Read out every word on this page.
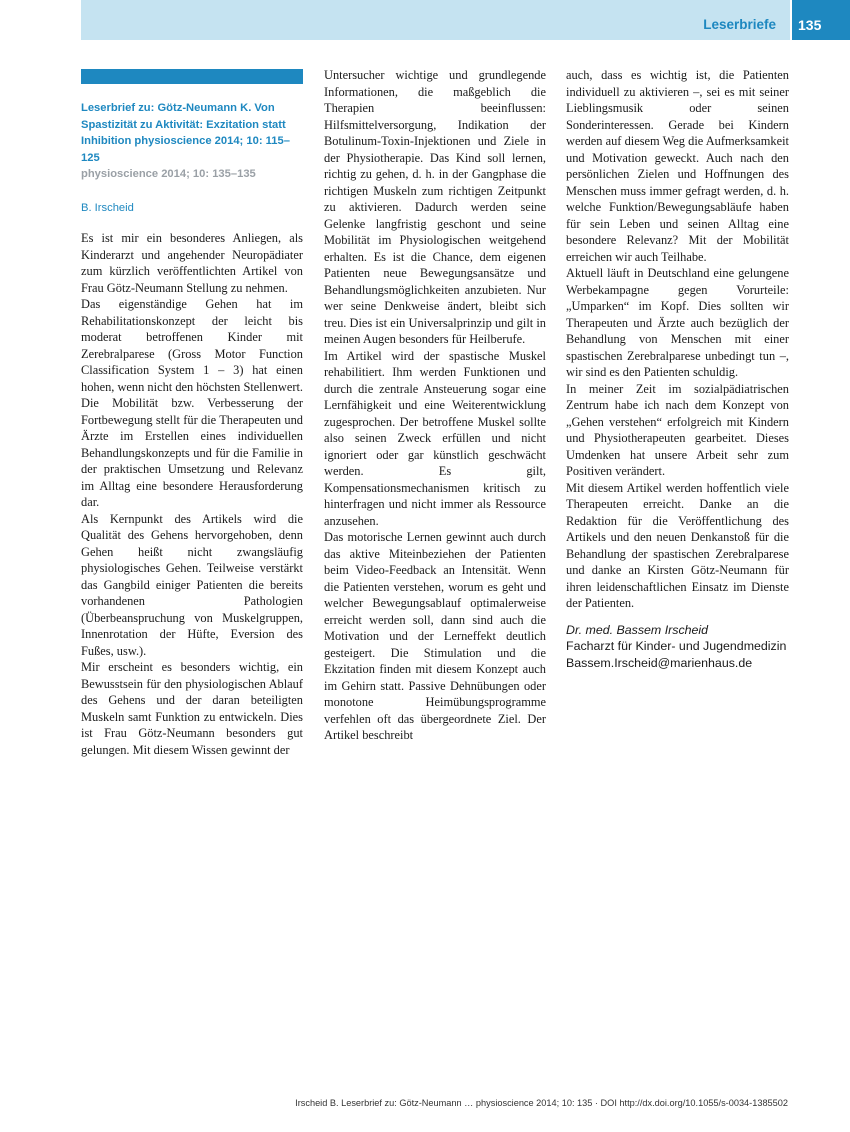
Leserbriefe	135
Leserbrief zu: Götz-Neumann K. Von Spastizität zu Aktivität: Exzitation statt Inhibition physioscience 2014; 10: 115–125
physioscience 2014; 10: 135–135
B. Irscheid

Es ist mir ein besonderes Anliegen, als Kinderarzt und angehender Neuropädiater zum kürzlich veröffentlichten Artikel von Frau Götz-Neumann Stellung zu nehmen.

Das eigenständige Gehen hat im Rehabilitationskonzept der leicht bis moderat betroffenen Kinder mit Zerebralparese (Gross Motor Function Classification System 1 – 3) hat einen hohen, wenn nicht den höchsten Stellenwert. Die Mobilität bzw. Verbesserung der Fortbewegung stellt für die Therapeuten und Ärzte im Erstellen eines individuellen Behandlungskonzepts und für die Familie in der praktischen Umsetzung und Relevanz im Alltag eine besondere Herausforderung dar.

Als Kernpunkt des Artikels wird die Qualität des Gehens hervorgehoben, denn Gehen heißt nicht zwangsläufig physiologisches Gehen. Teilweise verstärkt das Gangbild einiger Patienten die bereits vorhandenen Pathologien (Überbeanspruchung von Muskelgruppen, Innenrotation der Hüfte, Eversion des Fußes, usw.).

Mir erscheint es besonders wichtig, ein Bewusstsein für den physiologischen Ablauf des Gehens und der daran beteiligten Muskeln samt Funktion zu entwickeln. Dies ist Frau Götz-Neumann besonders gut gelungen. Mit diesem Wissen gewinnt der

Untersucher wichtige und grundlegende Informationen, die maßgeblich die Therapien beeinflussen: Hilfsmittelversorgung, Indikation der Botulinum-Toxin-Injektionen und Ziele in der Physiotherapie. Das Kind soll lernen, richtig zu gehen, d. h. in der Gangphase die richtigen Muskeln zum richtigen Zeitpunkt zu aktivieren. Dadurch werden seine Gelenke langfristig geschont und seine Mobilität im Physiologischen weitgehend erhalten. Es ist die Chance, dem eigenen Patienten neue Bewegungsansätze und Behandlungsmöglichkeiten anzubieten. Nur wer seine Denkweise ändert, bleibt sich treu. Dies ist ein Universalprinzip und gilt in meinen Augen besonders für Heilberufe.

Im Artikel wird der spastische Muskel rehabilitiert. Ihm werden Funktionen und durch die zentrale Ansteuerung sogar eine Lernfähigkeit und eine Weiterentwicklung zugesprochen. Der betroffene Muskel sollte also seinen Zweck erfüllen und nicht ignoriert oder gar künstlich geschwächt werden. Es gilt, Kompensationsmechanismen kritisch zu hinterfragen und nicht immer als Ressource anzusehen.

Das motorische Lernen gewinnt auch durch das aktive Miteinbeziehen der Patienten beim Video-Feedback an Intensität. Wenn die Patienten verstehen, worum es geht und welcher Bewegungsablauf optimalerweise erreicht werden soll, dann sind auch die Motivation und der Lerneffekt deutlich gesteigert. Die Stimulation und die Ekzitation finden mit diesem Konzept auch im Gehirn statt. Passive Dehnübungen oder monotone Heimübungsprogramme verfehlen oft das übergeordnete Ziel. Der Artikel beschreibt

auch, dass es wichtig ist, die Patienten individuell zu aktivieren –, sei es mit seiner Lieblingsmusik oder seinen Sonderinteressen. Gerade bei Kindern werden auf diesem Weg die Aufmerksamkeit und Motivation geweckt. Auch nach den persönlichen Zielen und Hoffnungen des Menschen muss immer gefragt werden, d. h. welche Funktion/Bewegungsabläufe haben für sein Leben und seinen Alltag eine besondere Relevanz? Mit der Mobilität erreichen wir auch Teilhabe.

Aktuell läuft in Deutschland eine gelungene Werbekampagne gegen Vorurteile: „Umparken“ im Kopf. Dies sollten wir Therapeuten und Ärzte auch bezüglich der Behandlung von Menschen mit einer spastischen Zerebralparese unbedingt tun –, wir sind es den Patienten schuldig.

In meiner Zeit im sozialpädiatrischen Zentrum habe ich nach dem Konzept von „Gehen verstehen“ erfolgreich mit Kindern und Physiotherapeuten gearbeitet. Dieses Umdenken hat unsere Arbeit sehr zum Positiven verändert.

Mit diesem Artikel werden hoffentlich viele Therapeuten erreicht. Danke an die Redaktion für die Veröffentlichung des Artikels und den neuen Denkanstoß für die Behandlung der spastischen Zerebralparese und danke an Kirsten Götz-Neumann für ihren leidenschaftlichen Einsatz im Dienste der Patienten.

Dr. med. Bassem Irscheid
Facharzt für Kinder- und Jugendmedizin
Bassem.Irscheid@marienhaus.de
Irscheid B. Leserbrief zu: Götz-Neumann … physioscience 2014; 10: 135 · DOI http://dx.doi.org/10.1055/s-0034-1385502
